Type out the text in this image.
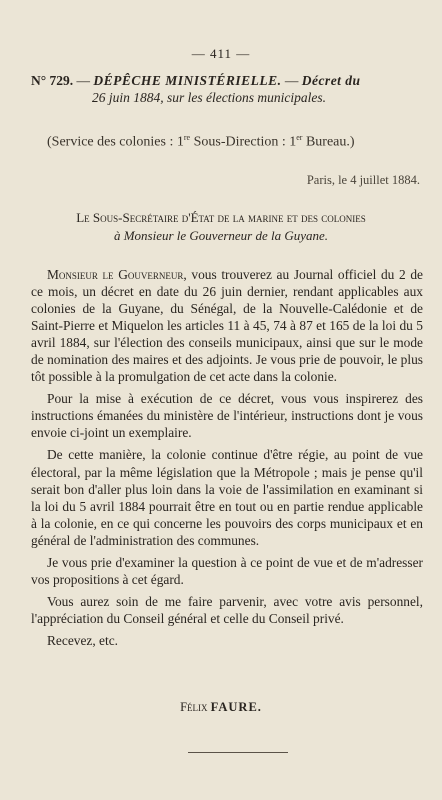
— 411 —
N° 729. — DÉPÊCHE MINISTÉRIELLE. — Décret du
26 juin 1884, sur les élections municipales.
(Service des colonies : 1re Sous-Direction : 1er Bureau.)
Paris, le 4 juillet 1884.
Le Sous-Secrétaire d'État de la marine et des colonies
à Monsieur le Gouverneur de la Guyane.

Monsieur le Gouverneur, vous trouverez au Journal officiel du 2 de ce mois, un décret en date du 26 juin dernier, rendant applicables aux colonies de la Guyane, du Sénégal, de la Nouvelle-Calédonie et de Saint-Pierre et Miquelon les articles 11 à 45, 74 à 87 et 165 de la loi du 5 avril 1884, sur l'élection des conseils municipaux, ainsi que sur le mode de nomination des maires et des adjoints. Je vous prie de pouvoir, le plus tôt possible à la promulgation de cet acte dans la colonie.

Pour la mise à exécution de ce décret, vous vous inspirerez des instructions émanées du ministère de l'intérieur, instructions dont je vous envoie ci-joint un exemplaire.

De cette manière, la colonie continue d'être régie, au point de vue électoral, par la même législation que la Métropole ; mais je pense qu'il serait bon d'aller plus loin dans la voie de l'assimilation en examinant si la loi du 5 avril 1884 pourrait être en tout ou en partie rendue applicable à la colonie, en ce qui concerne les pouvoirs des corps municipaux et en général de l'administration des communes.

Je vous prie d'examiner la question à ce point de vue et de m'adresser vos propositions à cet égard.

Vous aurez soin de me faire parvenir, avec votre avis personnel, l'appréciation du Conseil général et celle du Conseil privé.

Recevez, etc.

Félix FAURE.
